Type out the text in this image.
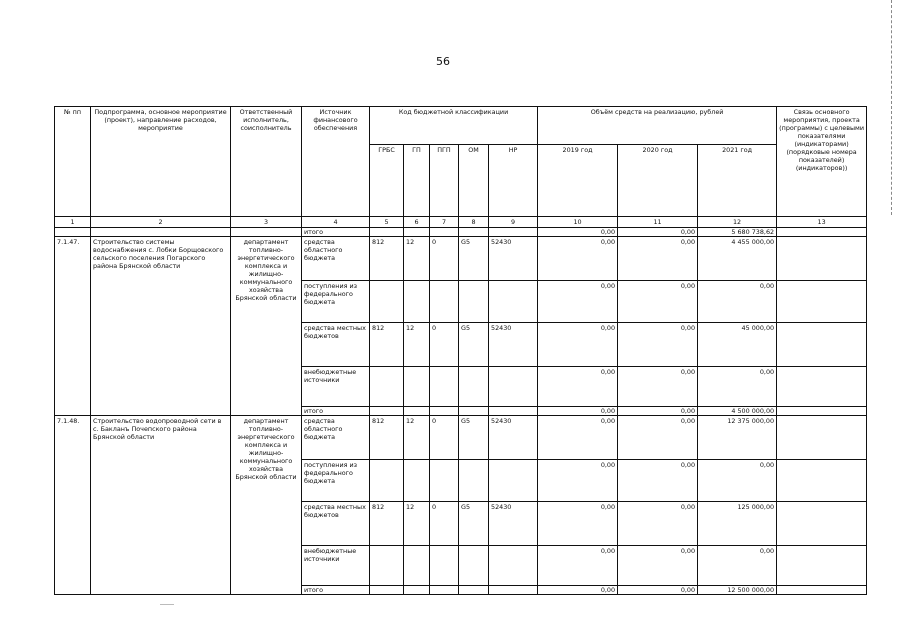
56
№ пп	Подпрограмма, основное мероприятие (проект), направление расходов, мероприятие	Ответственный исполнитель, соисполнитель	Источник финансового обеспечения	Код бюджетной классификации					Объём средств на реализацию, рублей			Связь основного мероприятия, проекта (программы) с целевыми показателями (индикаторами) (порядковые номера показателей) (индикаторов))
				ГРБС	ГП	ПГП	ОМ	НР	2019 год	2020 год	2021 год	
1	2	3	4	5	6	7	8	9	10	11	12	13
			итого						0,00	0,00	5 680 738,62	
7.1.47.	Строительство системы водоснабжения с. Лобки Борщовского сельского поселения Погарского района Брянской области	департамент топливно-энергетического комплекса и жилищно-коммунального хозяйства Брянской области	средства областного бюджета	812	12	0	G5	52430	0,00	0,00	4 455 000,00	
			поступления из федерального бюджета						0,00	0,00	0,00	
			средства местных бюджетов	812	12	0	G5	52430	0,00	0,00	45 000,00	
			внебюджетные источники						0,00	0,00	0,00	
			итого						0,00	0,00	4 500 000,00	
7.1.48.	Строительство водопроводной сети в с. Бакланъ Почепского района Брянской области	департамент топливно-энергетического комплекса и жилищно-коммунального хозяйства Брянской области	средства областного бюджета	812	12	0	G5	52430	0,00	0,00	12 375 000,00	
			поступления из федерального бюджета						0,00	0,00	0,00	
			средства местных бюджетов	812	12	0	G5	52430	0,00	0,00	125 000,00	
			внебюджетные источники						0,00	0,00	0,00	
			итого						0,00	0,00	12 500 000,00	
